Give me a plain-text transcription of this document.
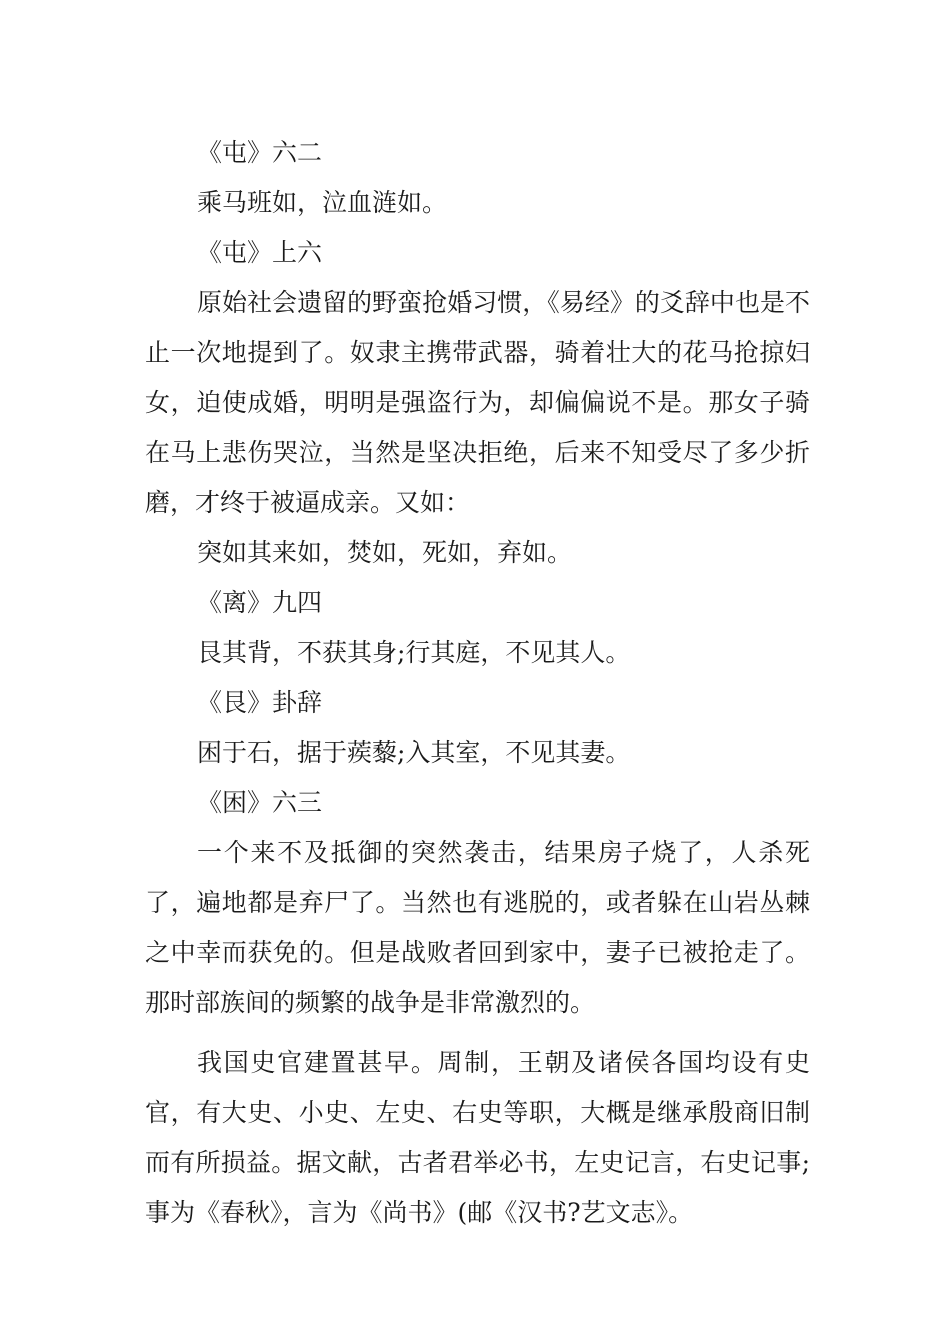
《屯》六二

乘马班如，泣血涟如。

《屯》上六

原始社会遗留的野蛮抢婚习惯，《易经》的爻辞中也是不止一次地提到了。奴隶主携带武器，骑着壮大的花马抢掠妇女，迫使成婚，明明是强盗行为，却偏偏说不是。那女子骑在马上悲伤哭泣，当然是坚决拒绝，后来不知受尽了多少折磨，才终于被逼成亲。又如：

突如其来如，焚如，死如，弃如。

《离》九四

艮其背，不获其身;行其庭，不见其人。

《艮》卦辞

困于石，据于蒺藜;入其室，不见其妻。

《困》六三

一个来不及抵御的突然袭击，结果房子烧了，人杀死了，遍地都是弃尸了。当然也有逃脱的，或者躲在山岩丛棘之中幸而获免的。但是战败者回到家中，妻子已被抢走了。那时部族间的频繁的战争是非常激烈的。

我国史官建置甚早。周制，王朝及诸侯各国均设有史官，有大史、小史、左史、右史等职，大概是继承殷商旧制而有所损益。据文献，古者君举必书，左史记言，右史记事;事为《春秋》，言为《尚书》(邮《汉书?艺文志》。
